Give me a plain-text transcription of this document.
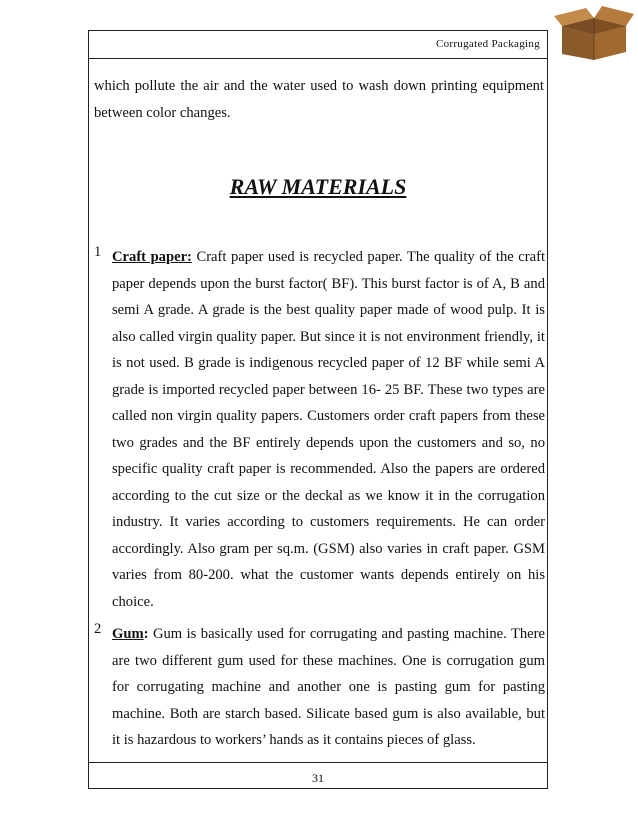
Corrugated Packaging

which pollute the air and the water used to wash down printing equipment between color changes.

RAW MATERIALS
1 Craft paper: Craft paper used is recycled paper. The quality of the craft paper depends upon the burst factor( BF). This burst factor is of A, B and semi A grade. A grade is the best quality paper made of wood pulp. It is also called virgin quality paper. But since it is not environment friendly, it is not used. B grade is indigenous recycled paper of 12 BF while semi A grade is imported recycled paper between 16- 25 BF. These two types are called non virgin quality papers. Customers order craft papers from these two grades and the BF entirely depends upon the customers and so, no specific quality craft paper is recommended. Also the papers are ordered according to the cut size or the deckal as we know it in the corrugation industry. It varies according to customers requirements. He can order accordingly. Also gram per sq.m. (GSM) also varies in craft paper. GSM varies from 80-200. what the customer wants depends entirely on his choice.

2 Gum: Gum is basically used for corrugating and pasting machine. There are two different gum used for these machines. One is corrugation gum for corrugating machine and another one is pasting gum for pasting machine. Both are starch based. Silicate based gum is also available, but it is hazardous to workers’ hands as it contains pieces of glass.

31
